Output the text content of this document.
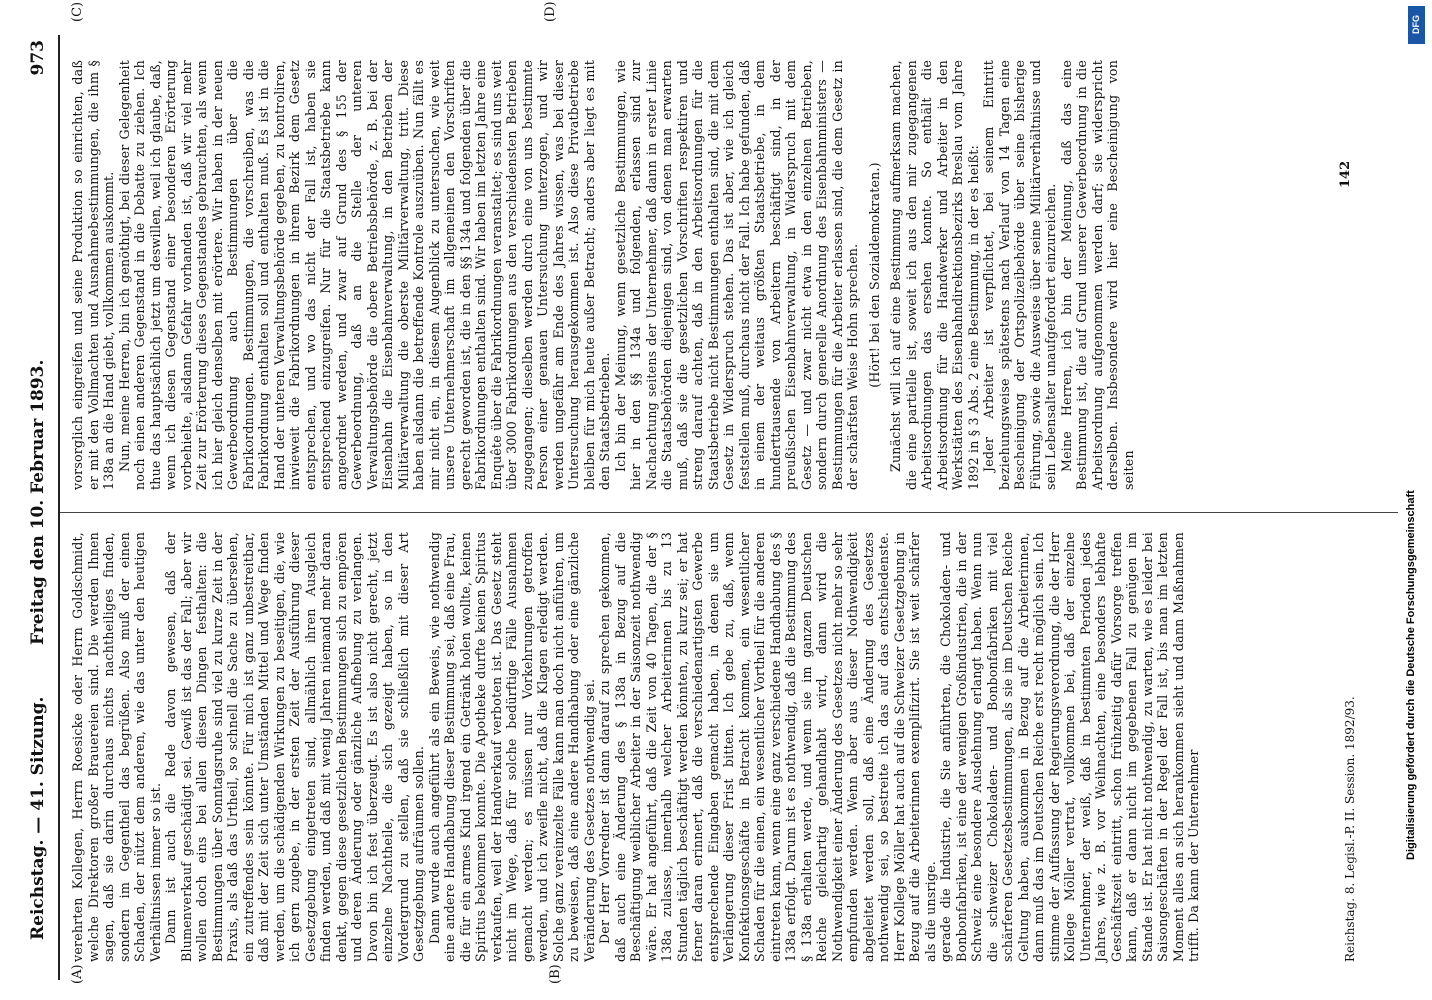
Reichstag. — 41. Sitzung.
Freitag den 10. Februar 1893.
973
(A)	(B)
(C)	(D)

verehrten Kollegen, Herrn Roesicke oder Herrn Goldschmidt, welche Direktoren großer Brauereien sind. Die werden Ihnen sagen, daß sie darin durchaus nichts nachtheiliges finden, sondern im Gegentheil das begrüßen. Also muß der einen Schaden, der nützt dem anderen, wie das unter den heutigen Verhältnissen immer so ist. Dann ist auch die Rede davon gewesen, daß der Blumenverkauf geschädigt sei. Gewiß ist das der Fall; aber wir wollen doch eins bei allen diesen Dingen festhalten: die Bestimmungen über Sonntagsruhe sind viel zu kurze Zeit in der Praxis, als daß das Urtheil, so schnell die Sache zu übersehen, ein zutreffendes sein könnte. Für mich ist ganz unbestreitbar, daß mit der Zeit sich unter Umständen Mittel und Wege finden werden, um die schädigenden Wirkungen zu beseitigen, die, wie ich gern zugebe, in der ersten Zeit der Ausführung dieser Gesetzgebung eingetreten sind, allmählich ihren Ausgleich finden werden, und daß mit wenig Jahren niemand mehr daran denkt, gegen diese gesetzlichen Bestimmungen sich zu empören und deren Änderung oder gänzliche Aufhebung zu verlangen. Davon bin ich fest überzeugt. Es ist also nicht gerecht, jetzt einzelne Nachtheile, die sich gezeigt haben, so in den Vordergrund zu stellen, daß sie schließlich mit dieser Art Gesetzgebung aufräumen sollen. Dann wurde auch angeführt als ein Beweis, wie nothwendig eine andere Handhabung dieser Bestimmung sei, daß eine Frau, die für ein armes Kind irgend ein Getränk holen wollte, keinen Spiritus bekommen konnte. Die Apotheke durfte keinen Spiritus verkaufen, weil der Handverkauf verboten ist. Das Gesetz steht nicht im Wege, daß für solche bedürftige Fälle Ausnahmen gemacht werden; es müssen nur Vorkehrungen getroffen werden, und ich zweifle nicht, daß die Klagen erledigt werden. Solche ganz vereinzelte Fälle kann man doch nicht anführen, um zu beweisen, daß eine andere Handhabung oder eine gänzliche Veränderung des Gesetzes nothwendig sei. Der Herr Vorredner ist dann darauf zu sprechen gekommen, daß auch eine Änderung des § 138a in Bezug auf die Beschäftigung weiblicher Arbeiter in der Saisonzeit nothwendig wäre. Er hat angeführt, daß die Zeit von 40 Tagen, die der § 138a zulasse, innerhalb welcher Arbeiterinnen bis zu 13 Stunden täglich beschäftigt werden könnten, zu kurz sei; er hat ferner daran erinnert, daß die verschiedenartigsten Gewerbe entsprechende Eingaben gemacht haben, in denen sie um Verlängerung dieser Frist bitten. Ich gebe zu, daß, wenn Konfektionsgeschäfte in Betracht kommen, ein wesentlicher Schaden für die einen, ein wesentlicher Vortheil für die anderen eintreten kann, wenn eine ganz verschiedene Handhabung des § 138a erfolgt. Darum ist es nothwendig, daß die Bestimmung des § 138a erhalten werde, und wenn sie im ganzen Deutschen Reiche gleichartig gehandhabt wird, dann wird die Nothwendigkeit einer Änderung des Gesetzes nicht mehr so sehr empfunden werden. Wenn aber aus dieser Nothwendigkeit abgeleitet werden soll, daß eine Änderung des Gesetzes nothwendig sei, so bestreite ich das auf das entschiedenste. Herr Kollege Möller hat auch auf die Schweizer Gesetzgebung in Bezug auf die Arbeiterinnen exemplifizirt. Sie ist weit schärfer als die unsrige. gerade die Industrie, die Sie anführten, die Chokoladen- und Bonbonfabriken, ist eine der wenigen Großindustrien, die in der Schweiz eine besondere Ausdehnung erlangt haben. Wenn nun die schweizer Chokoladen- und Bonbonfabriken mit viel schärferen Gesetzesbestimmungen, als sie im Deutschen Reiche Geltung haben, auskommen in Bezug auf die Arbeiterinnen, dann muß das im Deutschen Reiche erst recht möglich sein. Ich stimme der Auffassung der Regierungsverordnung, die der Herr Kollege Möller vertrat, vollkommen bei, daß der einzelne Unternehmer, der weiß, daß in bestimmten Perioden jedes Jahres, wie z. B. vor Weihnachten, eine besonders lebhafte Geschäftszeit eintritt, schon frühzeitig dafür Vorsorge treffen kann, daß er dann nicht im gegebenen Fall zu genügen im Stande ist. Er hat nicht nothwendig, zu warten, wie es leider bei Saisongeschäften in der Regel der Fall ist, bis man im letzten Moment alles an sich herankommen sieht und dann Maßnahmen trifft. Da kann der Unternehmer

vorsorglich eingreifen und seine Produktion so einrichten, daß er mit den Vollmachten und Ausnahmebestimmungen, die ihm § 138a an die Hand giebt, vollkommen auskommt. Nun, meine Herren, bin ich genöthigt, bei dieser Gelegenheit noch einen anderen Gegenstand in die Debatte zu ziehen. Ich thue das hauptsächlich jetzt um deswillen, weil ich glaube, daß, wenn ich diesen Gegenstand einer besonderen Erörterung vorbehielte, alsdann Gefahr vorhanden ist, daß wir viel mehr Zeit zur Erörterung dieses Gegenstandes gebrauchten, als wenn ich hier gleich denselben mit erörtere. Wir haben in der neuen Gewerbeordnung auch Bestimmungen über die Fabrikordnungen. Bestimmungen, die vorschreiben, was die Fabrikordnung enthalten soll und enthalten muß. Es ist in die Hand der unteren Verwaltungsbehörde gegeben, zu kontroliren, inwieweit die Fabrikordnungen in ihrem Bezirk dem Gesetz entsprechen, und wo das nicht der Fall ist, haben sie entsprechend einzugreifen. Nur für die Staatsbetriebe kann angeordnet werden, und zwar auf Grund des § 155 der Gewerbeordnung, daß an die Stelle der unteren Verwaltungsbehörde die obere Betriebsbehörde, z. B. bei der Eisenbahn die Eisenbahnverwaltung, in den Betrieben der Militärverwaltung die oberste Militärverwaltung, tritt. Diese haben alsdann die betreffende Kontrole auszuüben. Nun fällt es mir nicht ein, in diesem Augenblick zu untersuchen, wie weit unsere Unternehmerschaft im allgemeinen den Vorschriften gerecht geworden ist, die in den §§ 134a und folgenden über die Fabrikordnungen enthalten sind. Wir haben im letzten Jahre eine Enquête über die Fabrikordnungen veranstaltet; es sind uns weit über 3000 Fabrikordnungen aus den verschiedensten Betrieben zugegangen; dieselben werden durch eine von uns bestimmte Person einer genauen Untersuchung unterzogen, und wir werden ungefähr am Ende des Jahres wissen, was bei dieser Untersuchung herausgekommen ist. Also diese Privatbetriebe bleiben für mich heute außer Betracht; anders aber liegt es mit den Staatsbetrieben. Ich bin der Meinung, wenn gesetzliche Bestimmungen, wie hier in den §§ 134a und folgenden, erlassen sind zur Nachachtung seitens der Unternehmer, daß dann in erster Linie die Staatsbehörden diejenigen sind, von denen man erwarten muß, daß sie die gesetzlichen Vorschriften respektiren und streng darauf achten, daß in den Arbeitsordnungen für die Staatsbetriebe nicht Bestimmungen enthalten sind, die mit dem Gesetz in Widerspruch stehen. Das ist aber, wie ich gleich feststellen muß, durchaus nicht der Fall. Ich habe gefunden, daß in einem der weitaus größten Staatsbetriebe, in dem hunderttausende von Arbeitern beschäftigt sind, in der preußischen Eisenbahnverwaltung, in Widerspruch mit dem Gesetz — und zwar nicht etwa in den einzelnen Betrieben, sondern durch generelle Anordnung des Eisenbahnministers — Bestimmungen für die Arbeiter erlassen sind, die dem Gesetz in der schärfsten Weise Hohn sprechen. (Hört! bei den Sozialdemokraten.) Zunächst will ich auf eine Bestimmung aufmerksam machen, die eine partielle ist, soweit ich aus den mir zugegangenen Arbeitsordnungen das ersehen konnte. So enthält die Arbeitsordnung für die Handwerker und Arbeiter in den Werkstätten des Eisenbahndirektionsbezirks Breslau vom Jahre 1892 in § 3 Abs. 2 eine Bestimmung, in der es heißt: Jeder Arbeiter ist verpflichtet, bei seinem Eintritt beziehungsweise spätestens nach Verlauf von 14 Tagen eine Bescheinigung der Ortspolizeibehörde über seine bisherige Führung, sowie die Ausweise über seine Militärverhältnisse und sein Lebensalter unaufgefordert einzureichen. Meine Herren, ich bin der Meinung, daß das eine Bestimmung ist, die auf Grund unserer Gewerbeordnung in die Arbeitsordnung aufgenommen werden darf; sie widerspricht derselben. Insbesondere wird hier eine Bescheinigung von seiten

Reichstag. 8. Legisl.-P. II. Session. 1892/93.
142
Digitalisierung gefördert durch die Deutsche Forschungsgemeinschaft
DFG
